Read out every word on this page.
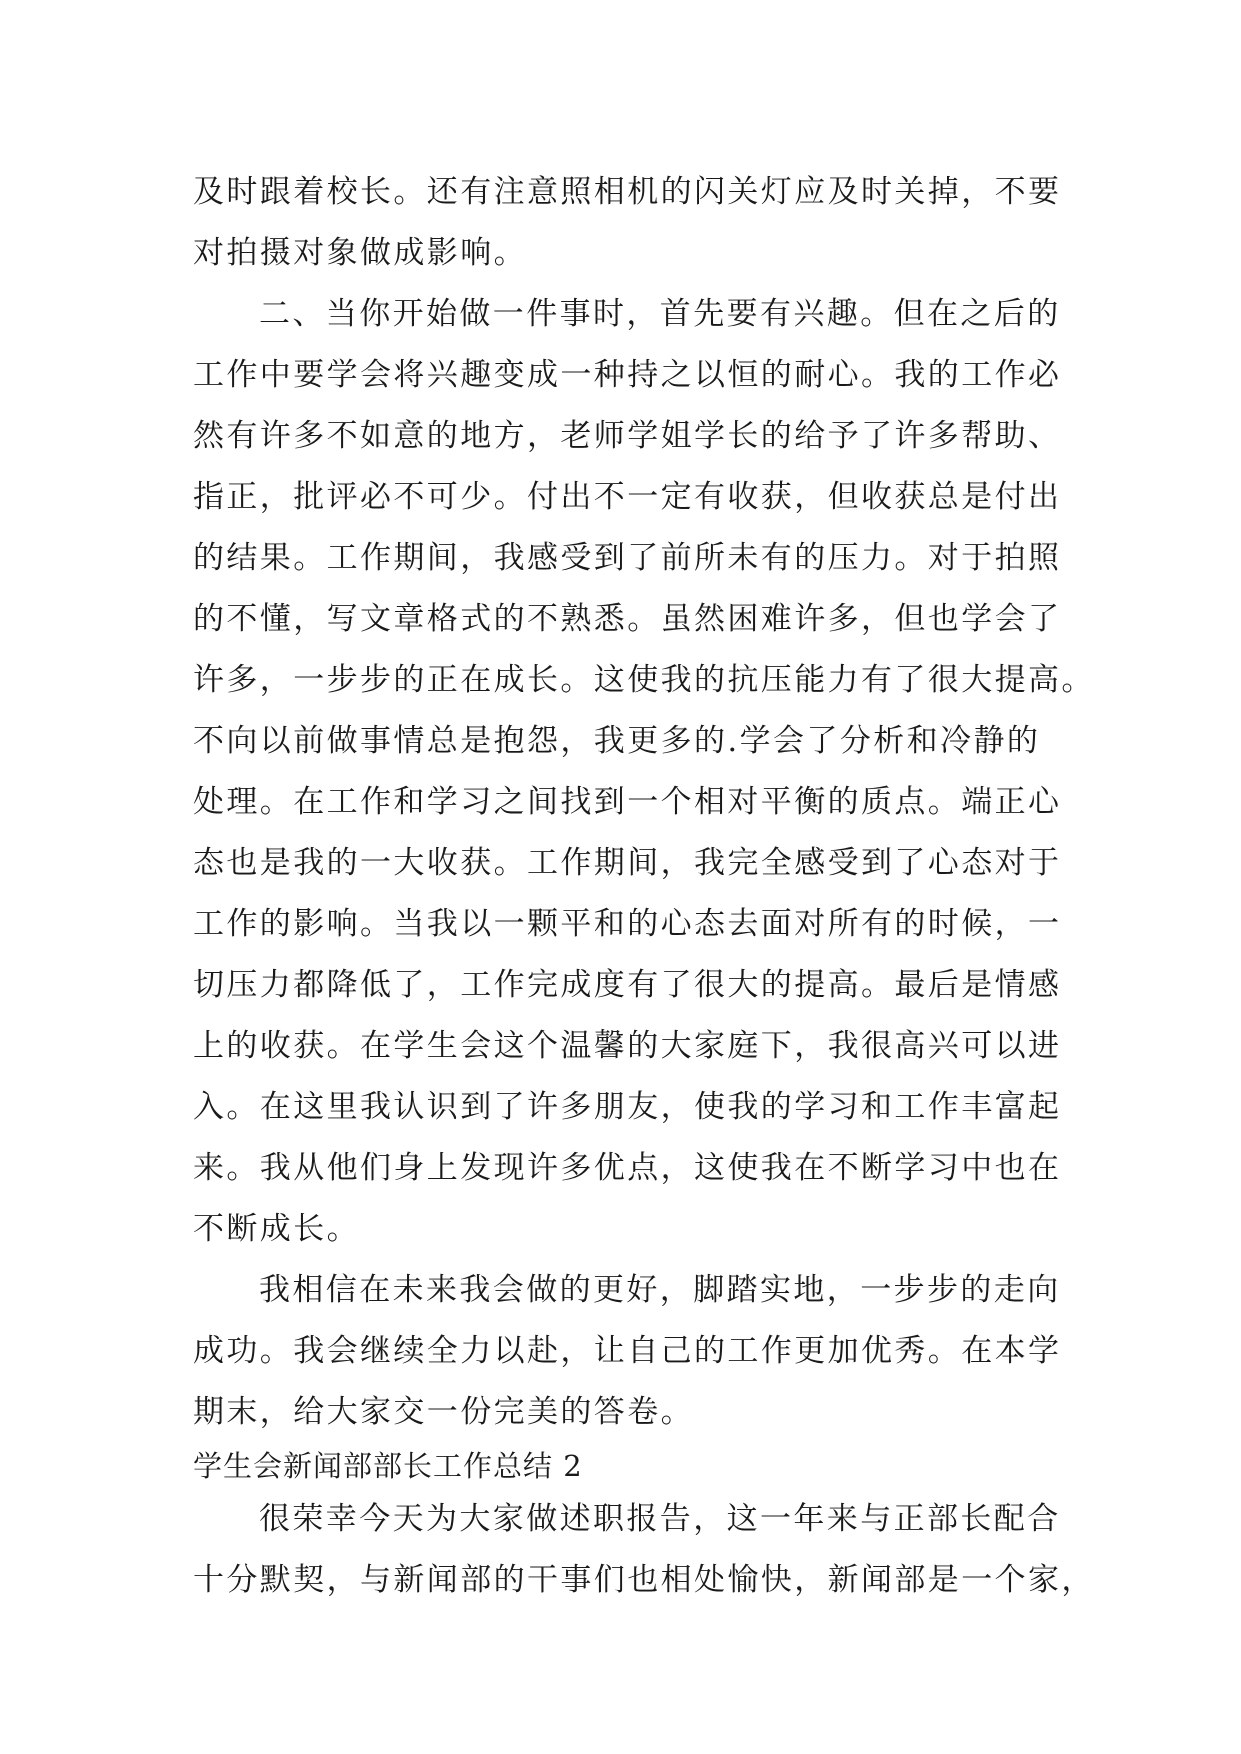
及时跟着校长。还有注意照相机的闪关灯应及时关掉，不要
对拍摄对象做成影响。
二、当你开始做一件事时，首先要有兴趣。但在之后的
工作中要学会将兴趣变成一种持之以恒的耐心。我的工作必
然有许多不如意的地方，老师学姐学长的给予了许多帮助、
指正，批评必不可少。付出不一定有收获，但收获总是付出
的结果。工作期间，我感受到了前所未有的压力。对于拍照
的不懂，写文章格式的不熟悉。虽然困难许多，但也学会了
许多，一步步的正在成长。这使我的抗压能力有了很大提高。
不向以前做事情总是抱怨，我更多的.学会了分析和冷静的
处理。在工作和学习之间找到一个相对平衡的质点。端正心
态也是我的一大收获。工作期间，我完全感受到了心态对于
工作的影响。当我以一颗平和的心态去面对所有的时候，一
切压力都降低了，工作完成度有了很大的提高。最后是情感
上的收获。在学生会这个温馨的大家庭下，我很高兴可以进
入。在这里我认识到了许多朋友，使我的学习和工作丰富起
来。我从他们身上发现许多优点，这使我在不断学习中也在
不断成长。
我相信在未来我会做的更好，脚踏实地，一步步的走向
成功。我会继续全力以赴，让自己的工作更加优秀。在本学
期末，给大家交一份完美的答卷。
学生会新闻部部长工作总结 2
很荣幸今天为大家做述职报告，这一年来与正部长配合
十分默契，与新闻部的干事们也相处愉快，新闻部是一个家，
